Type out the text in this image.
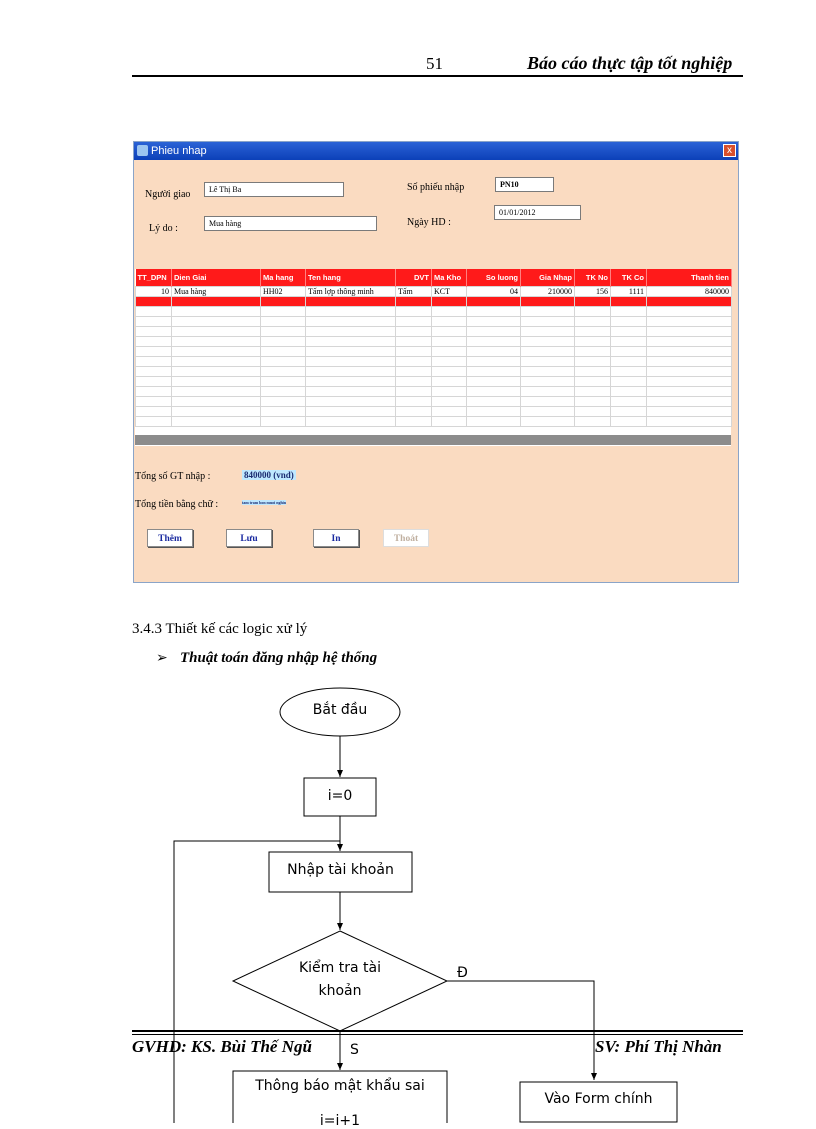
51	Báo cáo thực tập tốt nghiệp
Phieu nhap	x
Người giao	Lê Thị Ba
Lý do :	Mua hàng
Số phiếu nhập	PN10
Ngày HD :
01/01/2012
TT_DPN	Dien Giai	Ma hang	Ten hang	DVT	Ma Kho	So luong	Gia Nhap	TK No	TK Co	Thanh tien
10	Mua hàng	HH02	Tấm lợp thông minh	Tấm	KCT	04	210000	156	1111	840000

Tổng số GT nhập :	840000 (vnd)
Tổng tiền bằng chữ :	tam tram bon muoi nghin
Thêm	Lưu	In	Thoát
3.4.3 Thiết kế các logic xử lý
➢ Thuật toán đăng nhập hệ thống
Bắt đầu
i=0
Nhập tài khoản
Kiểm tra tài
khoản
Đ
S
Thông báo mật khẩu sai
i=i+1
Vào Form chính
GVHD: KS. Bùi Thế Ngũ	SV: Phí Thị Nhàn
